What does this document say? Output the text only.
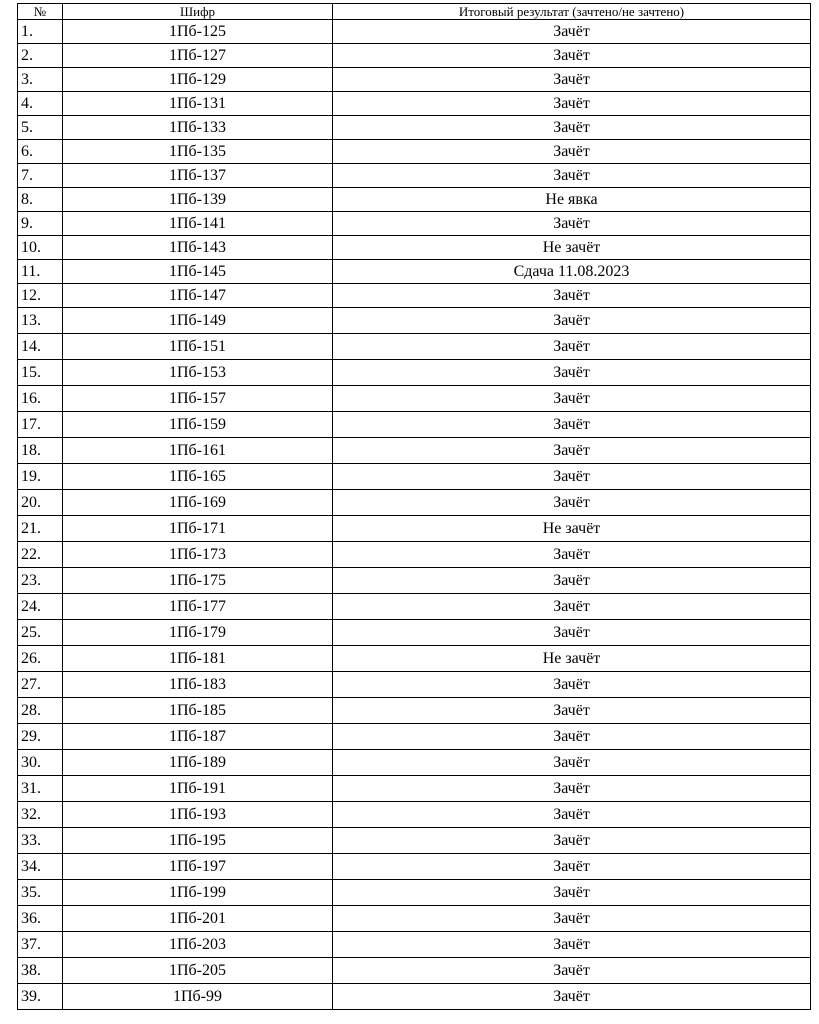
№	Шифр	Итоговый результат (зачтено/не зачтено)
1.	1Пб-125	Зачёт
2.	1Пб-127	Зачёт
3.	1Пб-129	Зачёт
4.	1Пб-131	Зачёт
5.	1Пб-133	Зачёт
6.	1Пб-135	Зачёт
7.	1Пб-137	Зачёт
8.	1Пб-139	Не явка
9.	1Пб-141	Зачёт
10.	1Пб-143	Не зачёт
11.	1Пб-145	Сдача 11.08.2023
12.	1Пб-147	Зачёт
13.	1Пб-149	Зачёт
14.	1Пб-151	Зачёт
15.	1Пб-153	Зачёт
16.	1Пб-157	Зачёт
17.	1Пб-159	Зачёт
18.	1Пб-161	Зачёт
19.	1Пб-165	Зачёт
20.	1Пб-169	Зачёт
21.	1Пб-171	Не зачёт
22.	1Пб-173	Зачёт
23.	1Пб-175	Зачёт
24.	1Пб-177	Зачёт
25.	1Пб-179	Зачёт
26.	1Пб-181	Не зачёт
27.	1Пб-183	Зачёт
28.	1Пб-185	Зачёт
29.	1Пб-187	Зачёт
30.	1Пб-189	Зачёт
31.	1Пб-191	Зачёт
32.	1Пб-193	Зачёт
33.	1Пб-195	Зачёт
34.	1Пб-197	Зачёт
35.	1Пб-199	Зачёт
36.	1Пб-201	Зачёт
37.	1Пб-203	Зачёт
38.	1Пб-205	Зачёт
39.	1Пб-99	Зачёт
